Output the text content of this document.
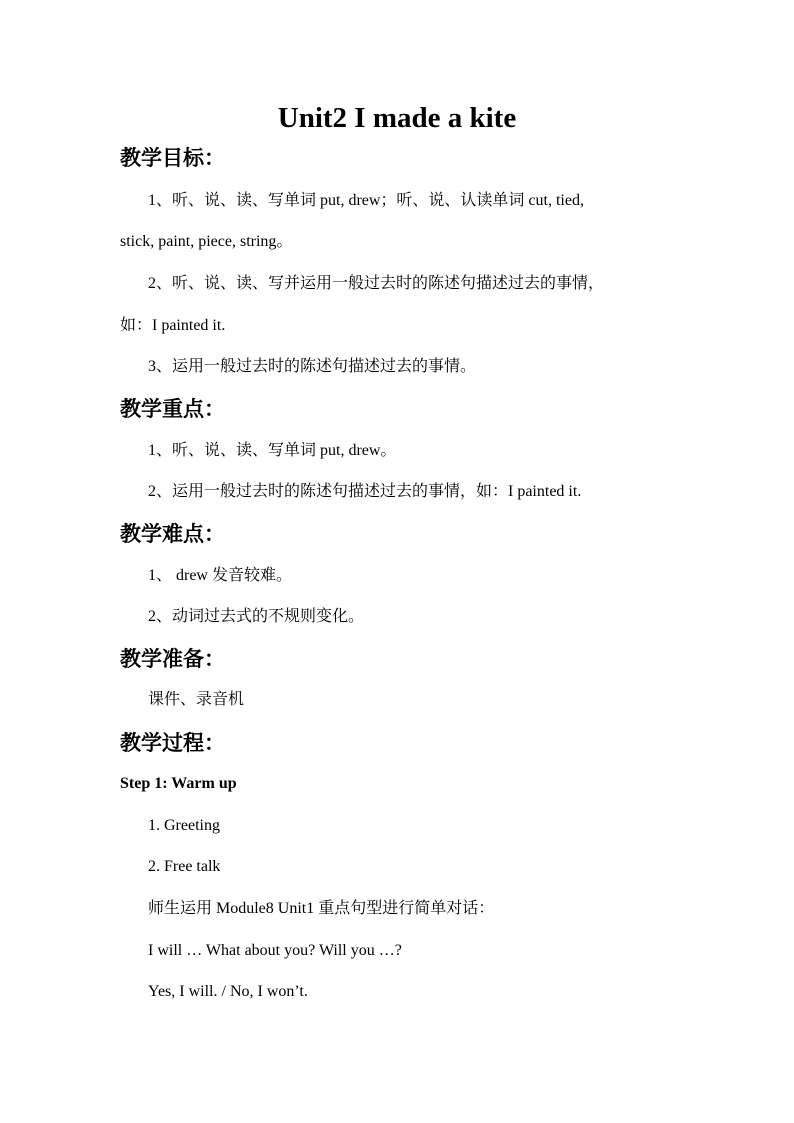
Unit2 I made a kite
教学目标：
1、听、说、读、写单词 put, drew；听、说、认读单词 cut, tied,
stick, paint, piece, string。
2、听、说、读、写并运用一般过去时的陈述句描述过去的事情，
如：I painted it.
3、运用一般过去时的陈述句描述过去的事情。
教学重点：
1、听、说、读、写单词 put, drew。
2、运用一般过去时的陈述句描述过去的事情，如：I painted it.
教学难点：
1、 drew 发音较难。
2、动词过去式的不规则变化。
教学准备：
课件、录音机
教学过程：
Step 1: Warm up
1. Greeting
2. Free talk
师生运用 Module8 Unit1 重点句型进行简单对话：
I will … What about you? Will you …?
Yes, I will. / No, I won’t.
